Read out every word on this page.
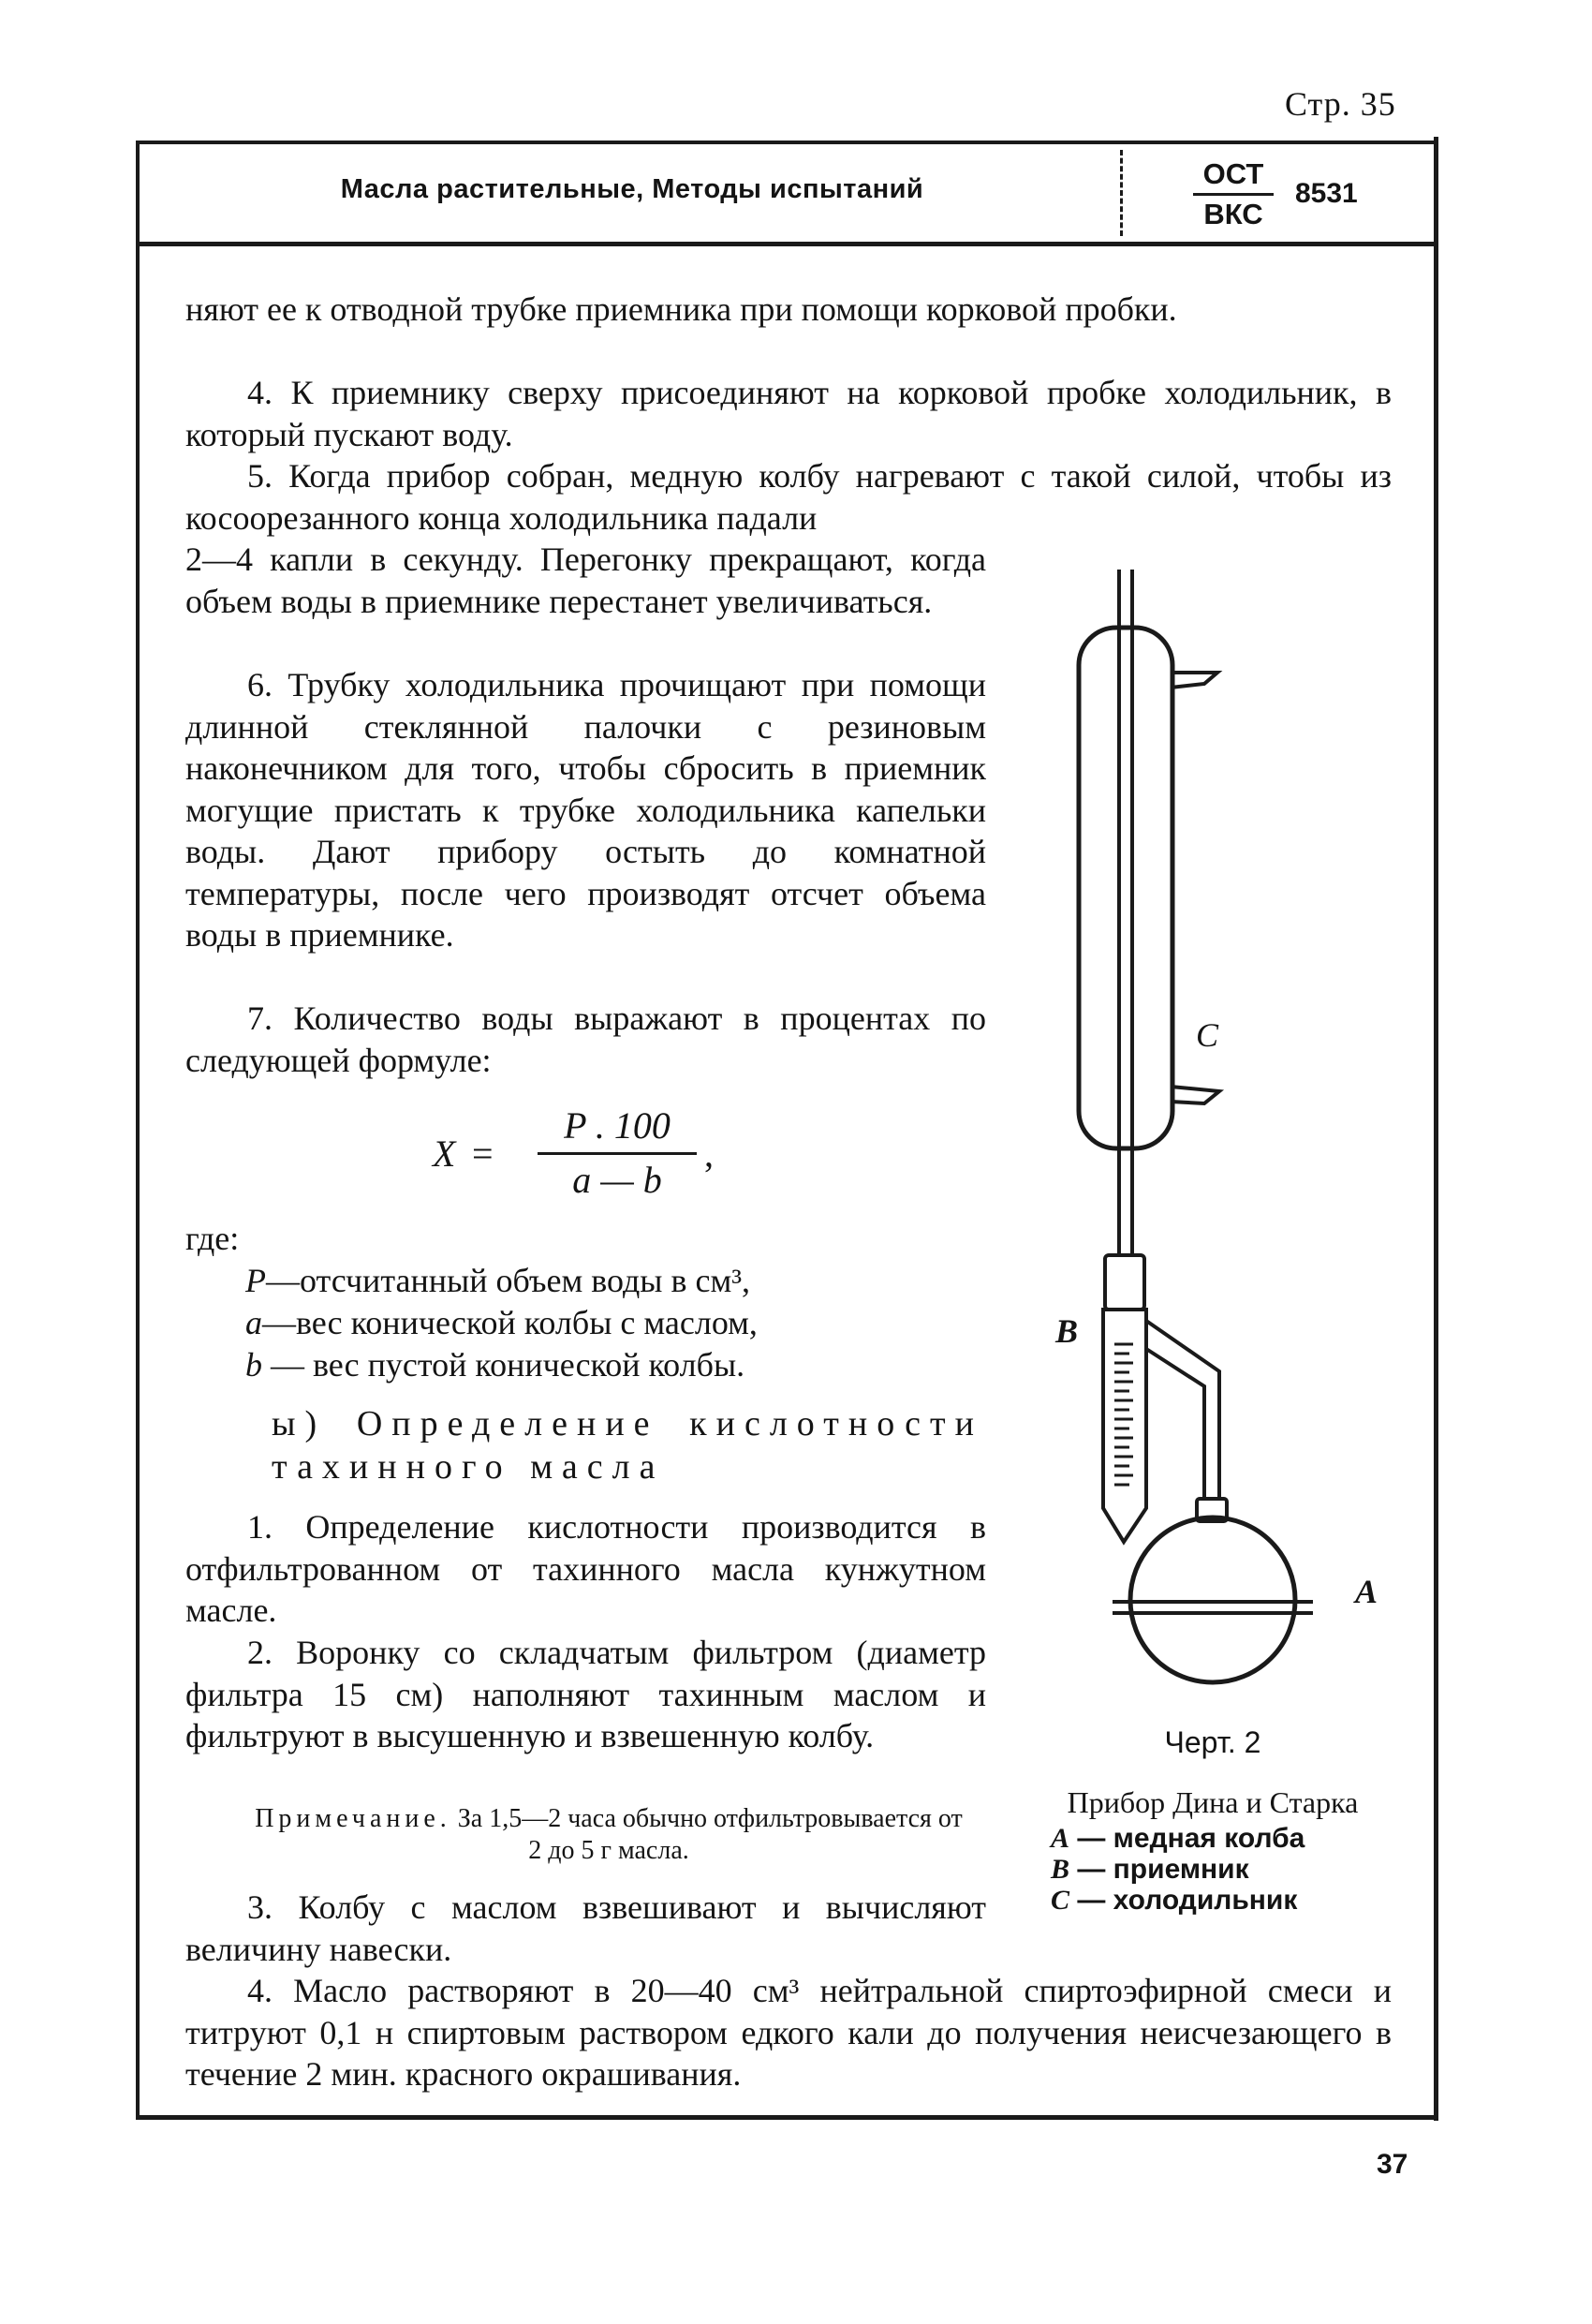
Стр. 35
Масла растительные, Методы испытаний	ОСТ
ВКС
8531

няют ее к отводной трубке приемника при помощи корковой пробки.

4. К приемнику сверху присоединяют на корковой пробке холодильник, в который пускают воду.

5. Когда прибор собран, медную колбу нагревают с такой силой, чтобы из косоорезанного конца холодильника падали

2—4 капли в секунду. Перегонку прекращают, когда объем воды в приемнике перестанет увеличиваться.

6. Трубку холодильника прочищают при помощи длинной стеклянной палочки с резиновым наконечником для того, чтобы сбросить в приемник могущие пристать к трубке холодильника капельки воды. Дают прибору остыть до комнатной температуры, после чего производят отсчет объема воды в приемнике.

7. Количество воды выражают в процентах по следующей формуле:

X =
P . 100
a — b
,
где:
P—отсчитанный объем воды в см³,
a—вес конической колбы с маслом,
b — вес пустой конической колбы.
ы) Определение кислотности тахинного масла

1. Определение кислотности производится в отфильтрованном от тахинного масла кунжутном масле.

2. Воронку со складчатым фильтром (диаметр фильтра 15 см) наполняют тахинным маслом и фильтруют в высушенную и взвешенную колбу.

Примечание. За 1,5—2 часа обычно отфильтровывается от 2 до 5 г масла.

3. Колбу с маслом взвешивают и вычисляют величину навески.

4. Масло растворяют в 20—40 см³ нейтральной спиртоэфирной смеси и титруют 0,1 н спиртовым раствором едкого кали до получения неисчезающего в течение 2 мин. красного окрашивания.

C
B
A
Черт. 2
Прибор Дина и Старка
A — медная колба
B — приемник
C — холодильник
37
